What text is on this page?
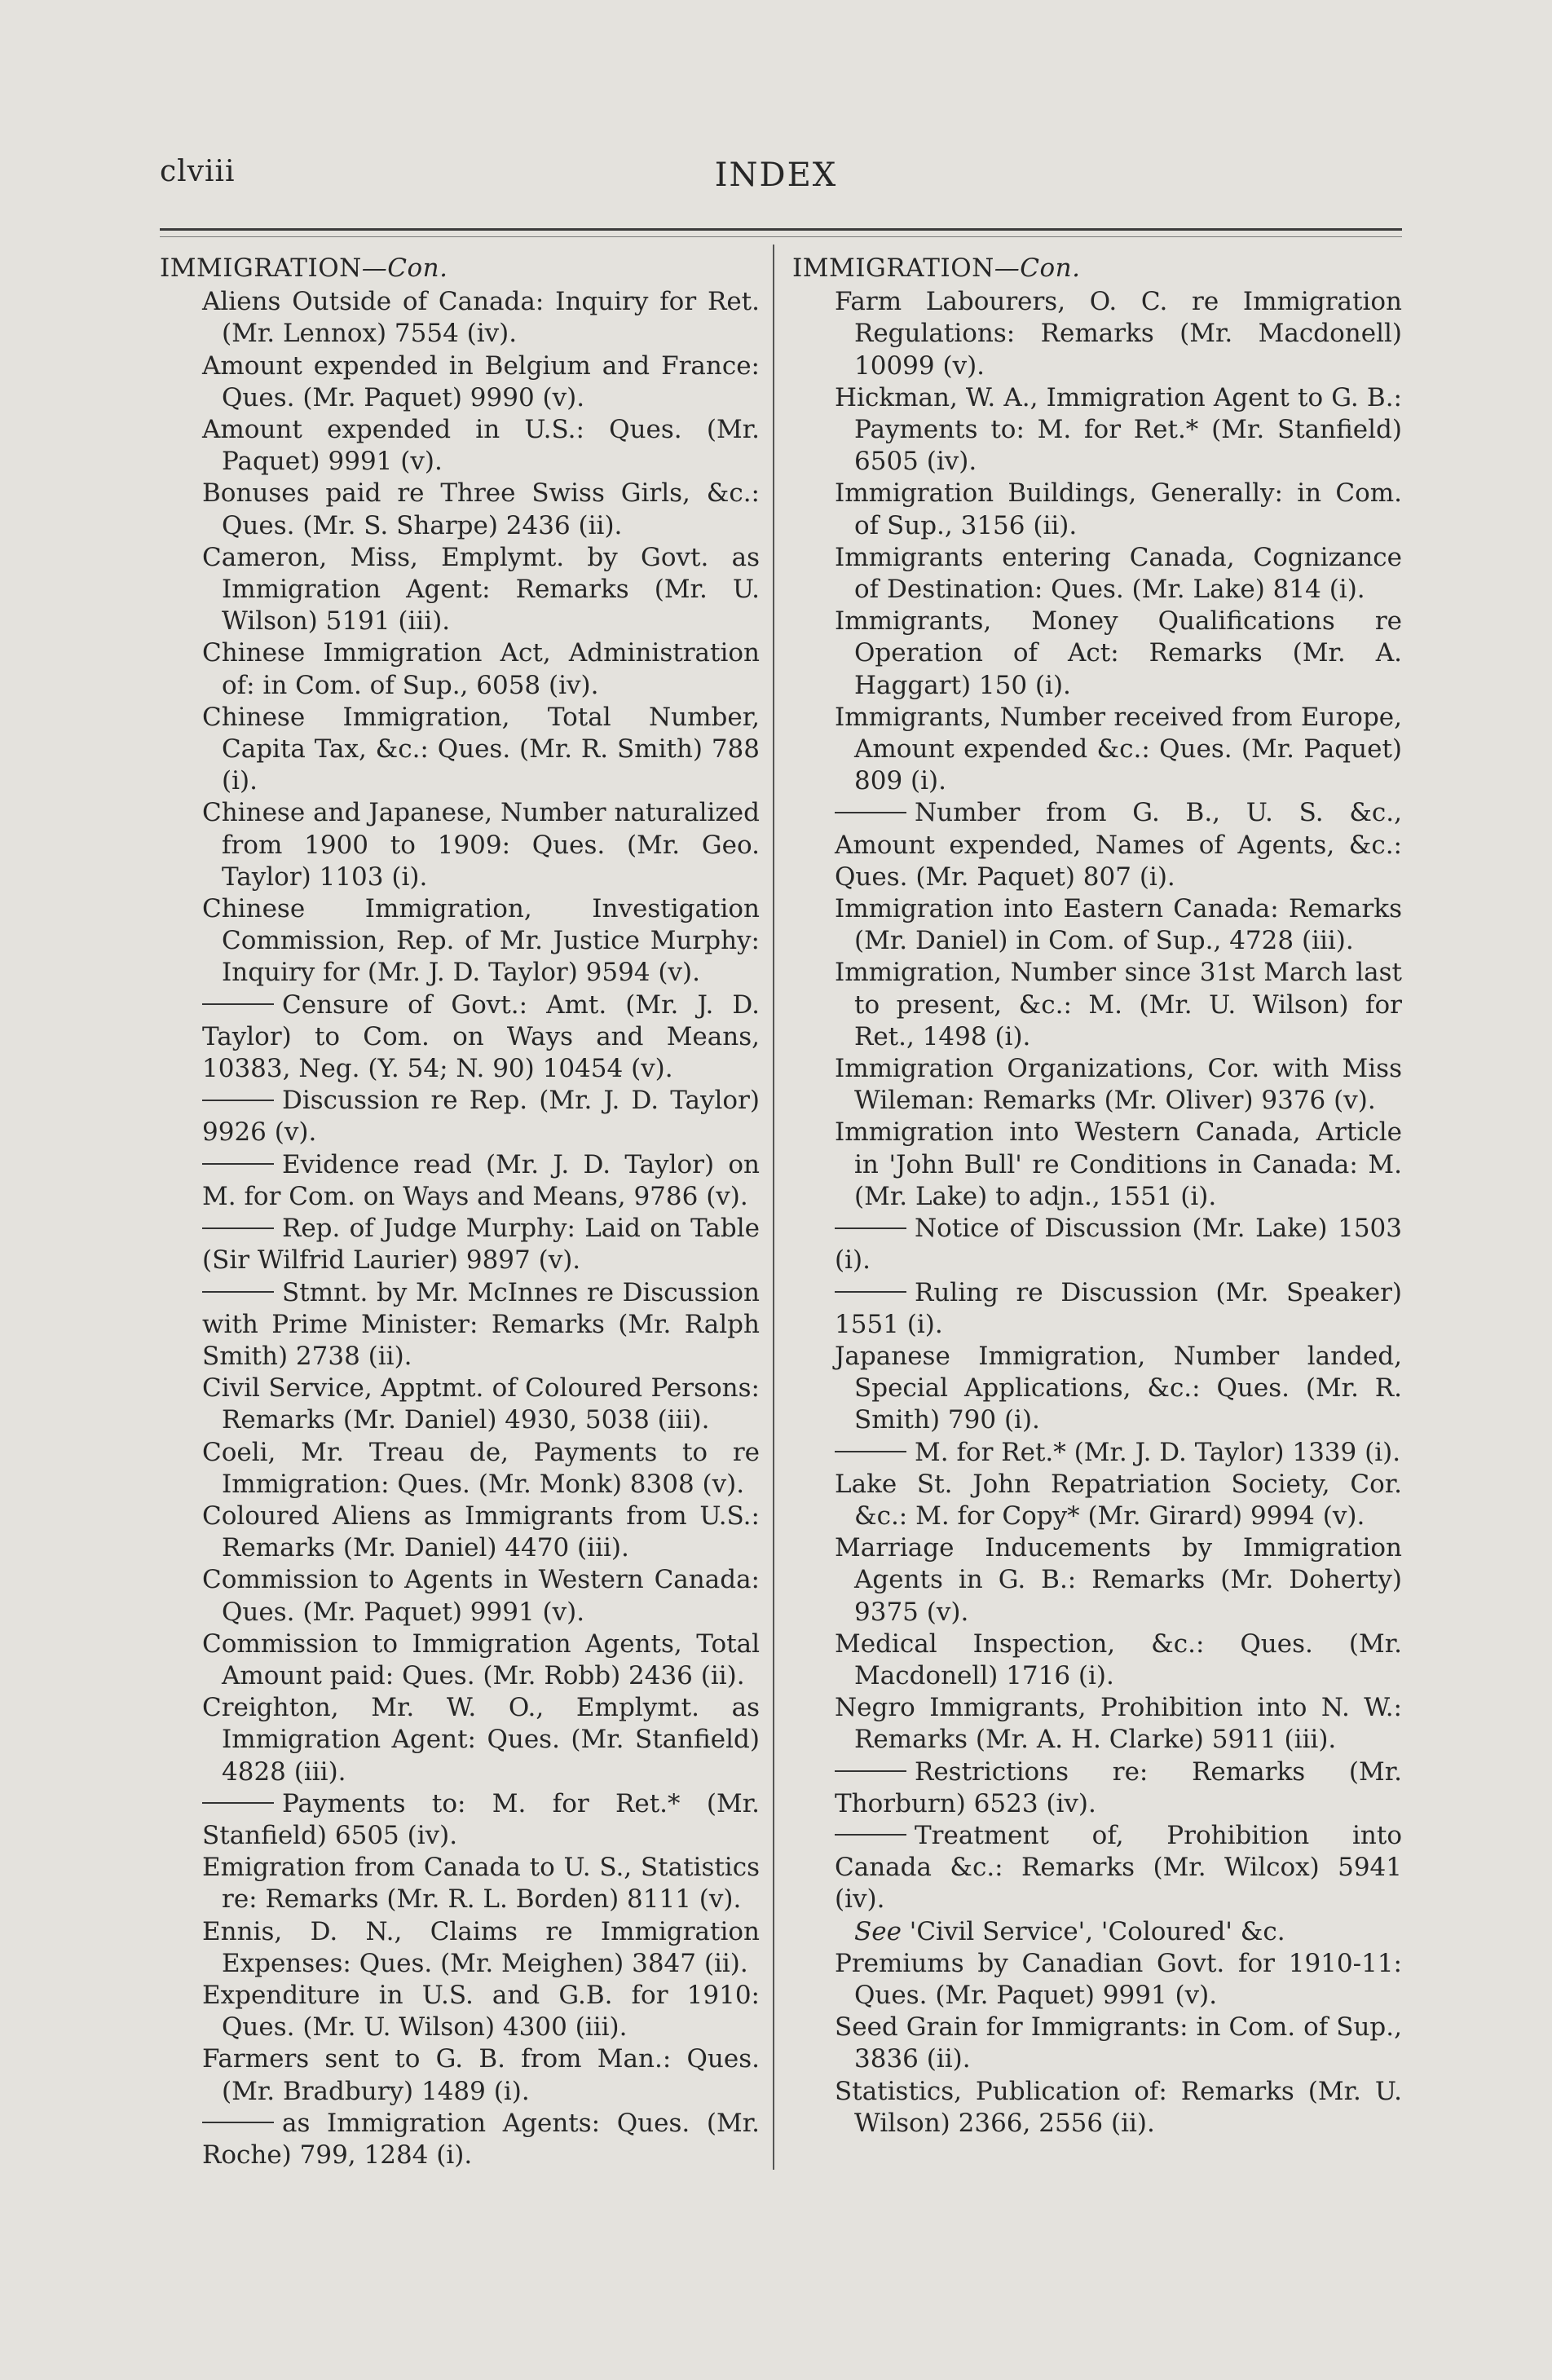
clviii	INDEX
IMMIGRATION—Con.

Aliens Outside of Canada: Inquiry for Ret. (Mr. Lennox) 7554 (iv).

Amount expended in Belgium and France: Ques. (Mr. Paquet) 9990 (v).

Amount expended in U.S.: Ques. (Mr. Paquet) 9991 (v).

Bonuses paid re Three Swiss Girls, &c.: Ques. (Mr. S. Sharpe) 2436 (ii).

Cameron, Miss, Emplymt. by Govt. as Immigration Agent: Remarks (Mr. U. Wilson) 5191 (iii).

Chinese Immigration Act, Administration of: in Com. of Sup., 6058 (iv).

Chinese Immigration, Total Number, Capita Tax, &c.: Ques. (Mr. R. Smith) 788 (i).

Chinese and Japanese, Number naturalized from 1900 to 1909: Ques. (Mr. Geo. Taylor) 1103 (i).

Chinese Immigration, Investigation Commission, Rep. of Mr. Justice Murphy: Inquiry for (Mr. J. D. Taylor) 9594 (v).

Censure of Govt.: Amt. (Mr. J. D. Taylor) to Com. on Ways and Means, 10383, Neg. (Y. 54; N. 90) 10454 (v).

Discussion re Rep. (Mr. J. D. Taylor) 9926 (v).

Evidence read (Mr. J. D. Taylor) on M. for Com. on Ways and Means, 9786 (v).

Rep. of Judge Murphy: Laid on Table (Sir Wilfrid Laurier) 9897 (v).

Stmnt. by Mr. McInnes re Discussion with Prime Minister: Remarks (Mr. Ralph Smith) 2738 (ii).

Civil Service, Apptmt. of Coloured Persons: Remarks (Mr. Daniel) 4930, 5038 (iii).

Coeli, Mr. Treau de, Payments to re Immigration: Ques. (Mr. Monk) 8308 (v).

Coloured Aliens as Immigrants from U.S.: Remarks (Mr. Daniel) 4470 (iii).

Commission to Agents in Western Canada: Ques. (Mr. Paquet) 9991 (v).

Commission to Immigration Agents, Total Amount paid: Ques. (Mr. Robb) 2436 (ii).

Creighton, Mr. W. O., Emplymt. as Immigration Agent: Ques. (Mr. Stanfield) 4828 (iii).

Payments to: M. for Ret.* (Mr. Stanfield) 6505 (iv).

Emigration from Canada to U. S., Statistics re: Remarks (Mr. R. L. Borden) 8111 (v).

Ennis, D. N., Claims re Immigration Expenses: Ques. (Mr. Meighen) 3847 (ii).

Expenditure in U.S. and G.B. for 1910: Ques. (Mr. U. Wilson) 4300 (iii).

Farmers sent to G. B. from Man.: Ques. (Mr. Bradbury) 1489 (i).

as Immigration Agents: Ques. (Mr. Roche) 799, 1284 (i).

IMMIGRATION—Con.

Farm Labourers, O. C. re Immigration Regulations: Remarks (Mr. Macdonell) 10099 (v).

Hickman, W. A., Immigration Agent to G. B.: Payments to: M. for Ret.* (Mr. Stanfield) 6505 (iv).

Immigration Buildings, Generally: in Com. of Sup., 3156 (ii).

Immigrants entering Canada, Cognizance of Destination: Ques. (Mr. Lake) 814 (i).

Immigrants, Money Qualifications re Operation of Act: Remarks (Mr. A. Haggart) 150 (i).

Immigrants, Number received from Europe, Amount expended &c.: Ques. (Mr. Paquet) 809 (i).

Number from G. B., U. S. &c., Amount expended, Names of Agents, &c.: Ques. (Mr. Paquet) 807 (i).

Immigration into Eastern Canada: Remarks (Mr. Daniel) in Com. of Sup., 4728 (iii).

Immigration, Number since 31st March last to present, &c.: M. (Mr. U. Wilson) for Ret., 1498 (i).

Immigration Organizations, Cor. with Miss Wileman: Remarks (Mr. Oliver) 9376 (v).

Immigration into Western Canada, Article in 'John Bull' re Conditions in Canada: M. (Mr. Lake) to adjn., 1551 (i).

Notice of Discussion (Mr. Lake) 1503 (i).

Ruling re Discussion (Mr. Speaker) 1551 (i).

Japanese Immigration, Number landed, Special Applications, &c.: Ques. (Mr. R. Smith) 790 (i).

M. for Ret.* (Mr. J. D. Taylor) 1339 (i).

Lake St. John Repatriation Society, Cor. &c.: M. for Copy* (Mr. Girard) 9994 (v).

Marriage Inducements by Immigration Agents in G. B.: Remarks (Mr. Doherty) 9375 (v).

Medical Inspection, &c.: Ques. (Mr. Macdonell) 1716 (i).

Negro Immigrants, Prohibition into N. W.: Remarks (Mr. A. H. Clarke) 5911 (iii).

Restrictions re: Remarks (Mr. Thorburn) 6523 (iv).

Treatment of, Prohibition into Canada &c.: Remarks (Mr. Wilcox) 5941 (iv).

See 'Civil Service', 'Coloured' &c.

Premiums by Canadian Govt. for 1910-11: Ques. (Mr. Paquet) 9991 (v).

Seed Grain for Immigrants: in Com. of Sup., 3836 (ii).

Statistics, Publication of: Remarks (Mr. U. Wilson) 2366, 2556 (ii).
